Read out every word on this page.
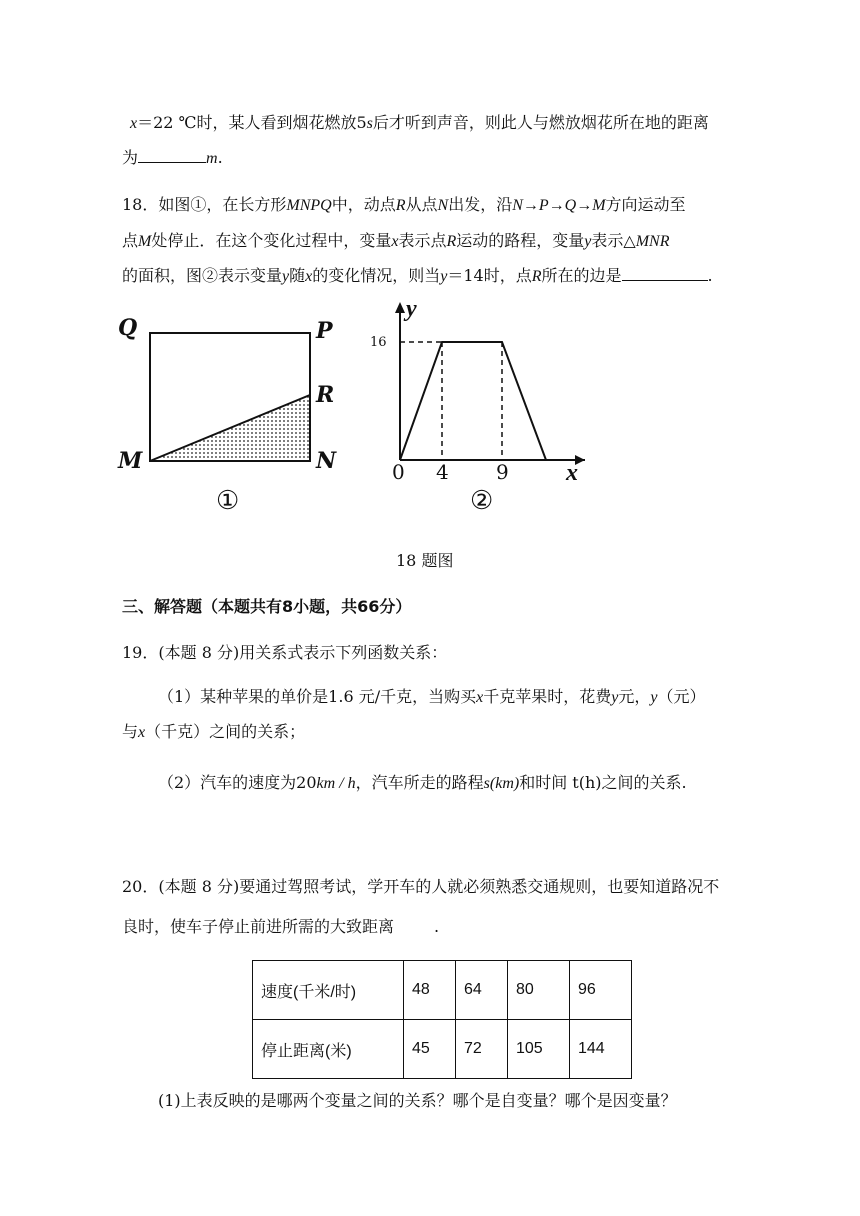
x＝22 ℃时，某人看到烟花燃放5s后才听到声音，则此人与燃放烟花所在地的距离
为	m.
18．如图①，在长方形MNPQ中，动点R从点N出发，沿N→P→Q→M方向运动至
点M处停止．在这个变化过程中，变量x表示点R运动的路程，变量y表示△MNR
的面积，图②表示变量y随x的变化情况，则当y＝14时，点R所在的边是	.
Q	P
R
M	N
①
y
16
0 4 9 x
②
18 题图
三、解答题（本题共有8小题，共66分）
19．(本题 8 分)用关系式表示下列函数关系：
（1）某种苹果的单价是1.6 元/千克，当购买x千克苹果时，花费y元，y（元）
与x（千克）之间的关系；
（2）汽车的速度为20km / h，汽车所走的路程s(km)和时间 t(h)之间的关系.
20．(本题 8 分)要通过驾照考试，学开车的人就必须熟悉交通规则，也要知道路况不
良时，使车子停止前进所需的大致距离	.
速度(千米/时)	48	64	80	96
停止距离(米)	45	72	105	144
(1)上表反映的是哪两个变量之间的关系？哪个是自变量？哪个是因变量？
